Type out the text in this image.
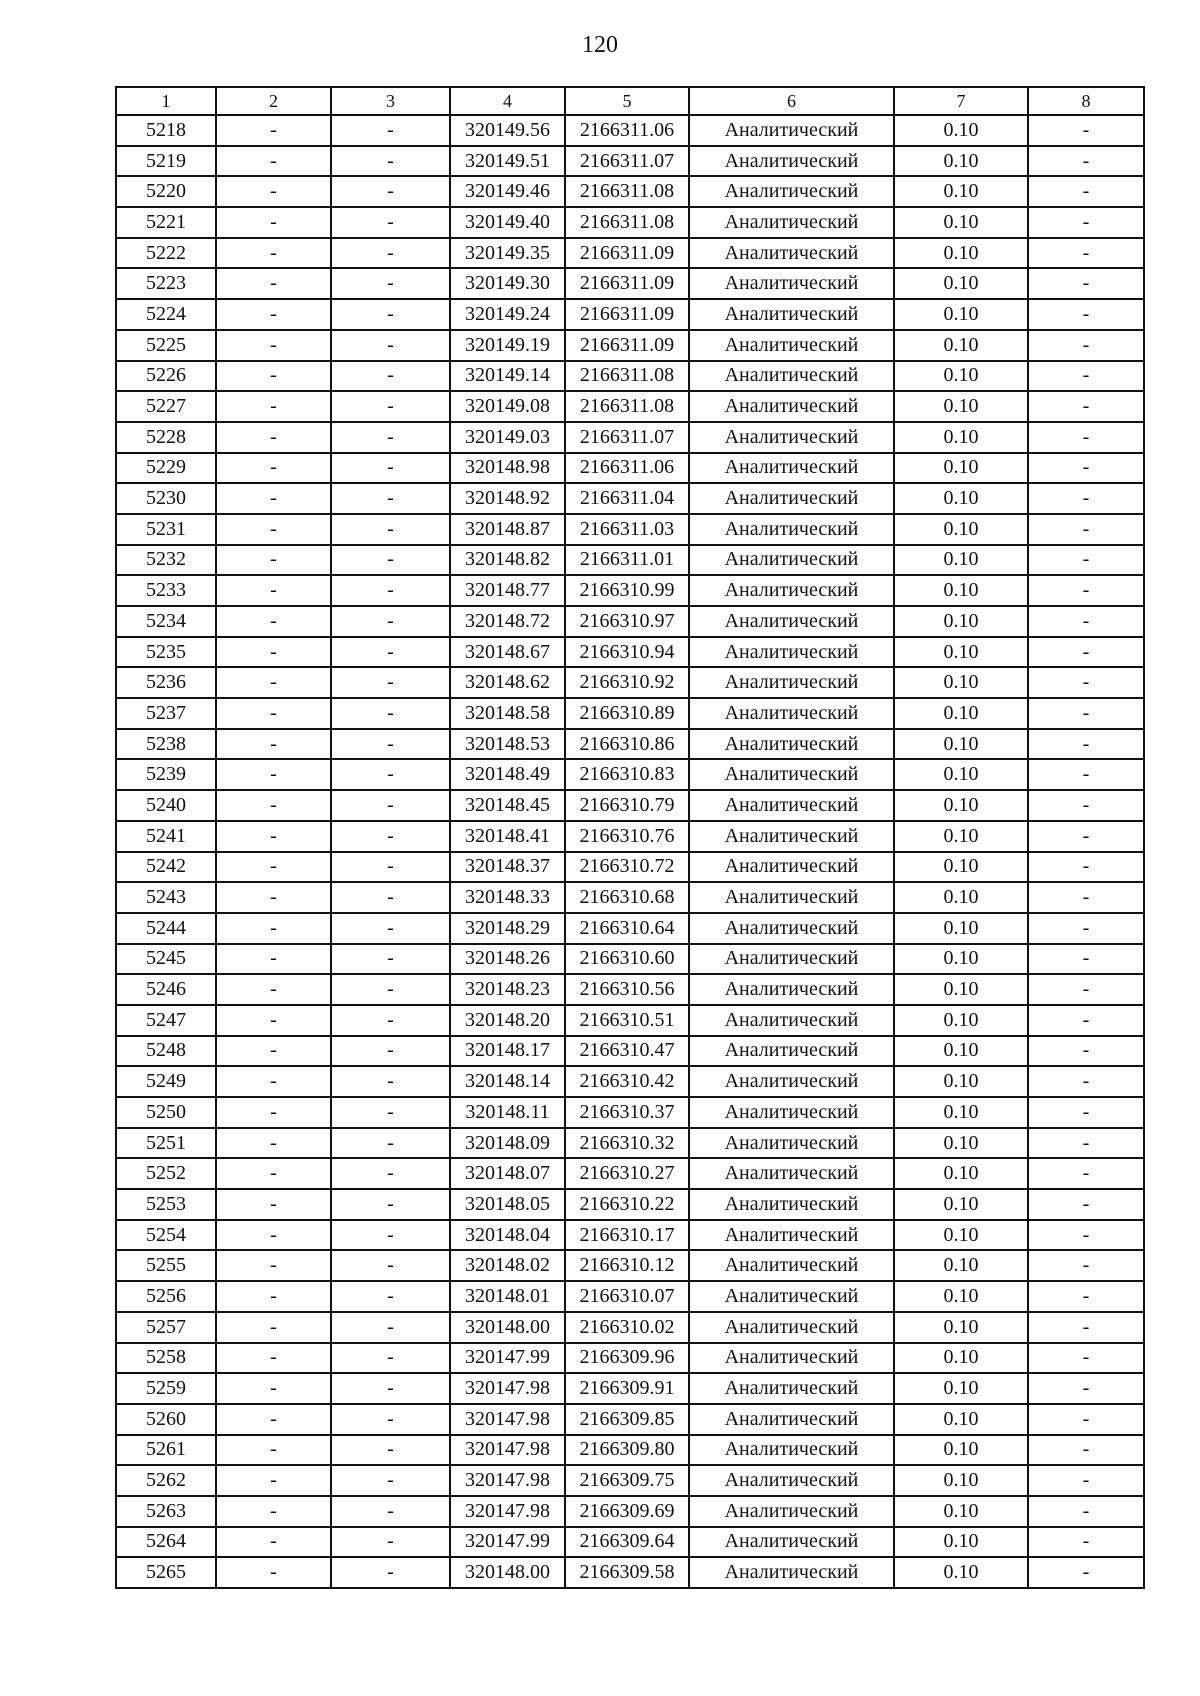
120
1	2	3	4	5	6	7	8
5218	-	-	320149.56	2166311.06	Аналитический	0.10	-
5219	-	-	320149.51	2166311.07	Аналитический	0.10	-
5220	-	-	320149.46	2166311.08	Аналитический	0.10	-
5221	-	-	320149.40	2166311.08	Аналитический	0.10	-
5222	-	-	320149.35	2166311.09	Аналитический	0.10	-
5223	-	-	320149.30	2166311.09	Аналитический	0.10	-
5224	-	-	320149.24	2166311.09	Аналитический	0.10	-
5225	-	-	320149.19	2166311.09	Аналитический	0.10	-
5226	-	-	320149.14	2166311.08	Аналитический	0.10	-
5227	-	-	320149.08	2166311.08	Аналитический	0.10	-
5228	-	-	320149.03	2166311.07	Аналитический	0.10	-
5229	-	-	320148.98	2166311.06	Аналитический	0.10	-
5230	-	-	320148.92	2166311.04	Аналитический	0.10	-
5231	-	-	320148.87	2166311.03	Аналитический	0.10	-
5232	-	-	320148.82	2166311.01	Аналитический	0.10	-
5233	-	-	320148.77	2166310.99	Аналитический	0.10	-
5234	-	-	320148.72	2166310.97	Аналитический	0.10	-
5235	-	-	320148.67	2166310.94	Аналитический	0.10	-
5236	-	-	320148.62	2166310.92	Аналитический	0.10	-
5237	-	-	320148.58	2166310.89	Аналитический	0.10	-
5238	-	-	320148.53	2166310.86	Аналитический	0.10	-
5239	-	-	320148.49	2166310.83	Аналитический	0.10	-
5240	-	-	320148.45	2166310.79	Аналитический	0.10	-
5241	-	-	320148.41	2166310.76	Аналитический	0.10	-
5242	-	-	320148.37	2166310.72	Аналитический	0.10	-
5243	-	-	320148.33	2166310.68	Аналитический	0.10	-
5244	-	-	320148.29	2166310.64	Аналитический	0.10	-
5245	-	-	320148.26	2166310.60	Аналитический	0.10	-
5246	-	-	320148.23	2166310.56	Аналитический	0.10	-
5247	-	-	320148.20	2166310.51	Аналитический	0.10	-
5248	-	-	320148.17	2166310.47	Аналитический	0.10	-
5249	-	-	320148.14	2166310.42	Аналитический	0.10	-
5250	-	-	320148.11	2166310.37	Аналитический	0.10	-
5251	-	-	320148.09	2166310.32	Аналитический	0.10	-
5252	-	-	320148.07	2166310.27	Аналитический	0.10	-
5253	-	-	320148.05	2166310.22	Аналитический	0.10	-
5254	-	-	320148.04	2166310.17	Аналитический	0.10	-
5255	-	-	320148.02	2166310.12	Аналитический	0.10	-
5256	-	-	320148.01	2166310.07	Аналитический	0.10	-
5257	-	-	320148.00	2166310.02	Аналитический	0.10	-
5258	-	-	320147.99	2166309.96	Аналитический	0.10	-
5259	-	-	320147.98	2166309.91	Аналитический	0.10	-
5260	-	-	320147.98	2166309.85	Аналитический	0.10	-
5261	-	-	320147.98	2166309.80	Аналитический	0.10	-
5262	-	-	320147.98	2166309.75	Аналитический	0.10	-
5263	-	-	320147.98	2166309.69	Аналитический	0.10	-
5264	-	-	320147.99	2166309.64	Аналитический	0.10	-
5265	-	-	320148.00	2166309.58	Аналитический	0.10	-
